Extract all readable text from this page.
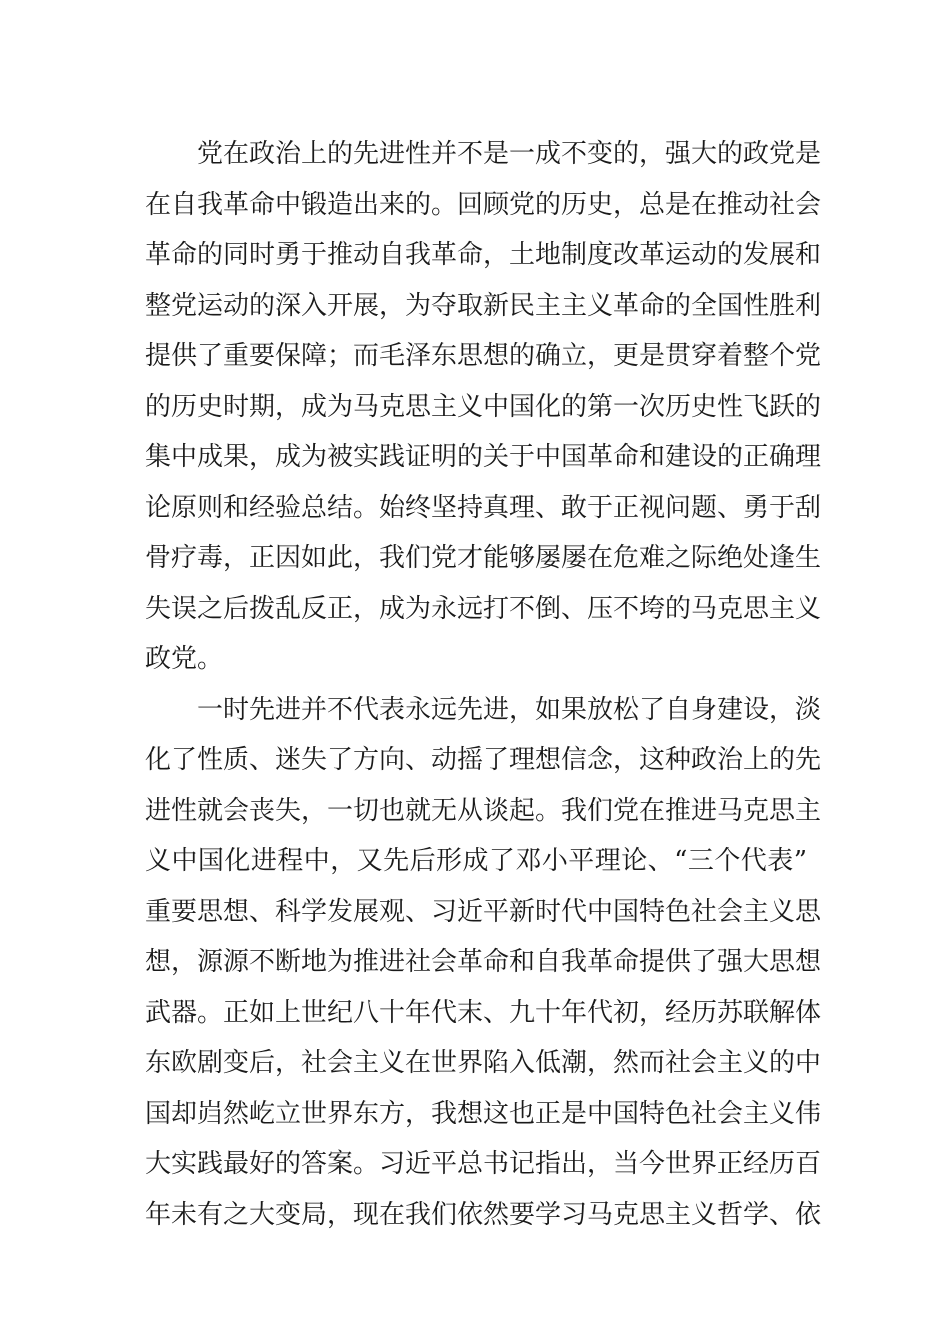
党在政治上的先进性并不是一成不变的，强大的政党是
在自我革命中锻造出来的。回顾党的历史，总是在推动社会
革命的同时勇于推动自我革命，土地制度改革运动的发展和
整党运动的深入开展，为夺取新民主主义革命的全国性胜利
提供了重要保障；而毛泽东思想的确立，更是贯穿着整个党
的历史时期，成为马克思主义中国化的第一次历史性飞跃的
集中成果，成为被实践证明的关于中国革命和建设的正确理
论原则和经验总结。始终坚持真理、敢于正视问题、勇于刮
骨疗毒，正因如此，我们党才能够屡屡在危难之际绝处逢生
失误之后拨乱反正，成为永远打不倒、压不垮的马克思主义
政党。
一时先进并不代表永远先进，如果放松了自身建设，淡
化了性质、迷失了方向、动摇了理想信念，这种政治上的先
进性就会丧失，一切也就无从谈起。我们党在推进马克思主
义中国化进程中，又先后形成了邓小平理论、“三个代表”
重要思想、科学发展观、习近平新时代中国特色社会主义思
想，源源不断地为推进社会革命和自我革命提供了强大思想
武器。正如上世纪八十年代末、九十年代初，经历苏联解体
东欧剧变后，社会主义在世界陷入低潮，然而社会主义的中
国却岿然屹立世界东方，我想这也正是中国特色社会主义伟
大实践最好的答案。习近平总书记指出，当今世界正经历百
年未有之大变局，现在我们依然要学习马克思主义哲学、依
